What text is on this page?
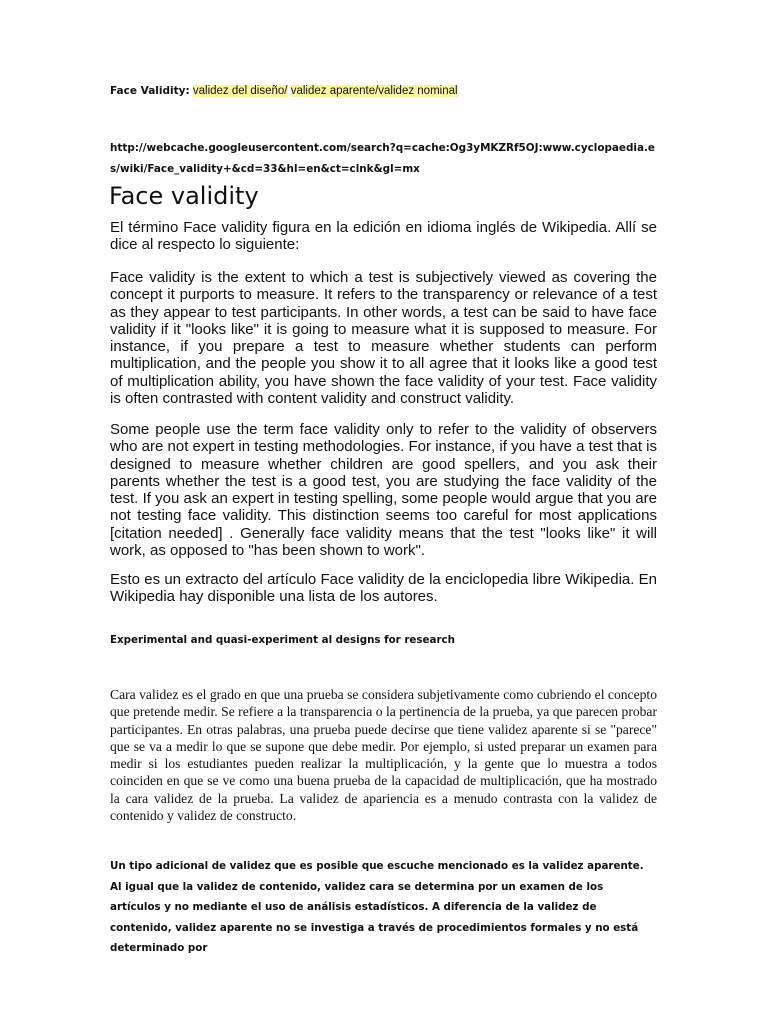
Face Validity: validez del diseño/ validez aparente/validez nominal
http://webcache.googleusercontent.com/search?q=cache:Og3yMKZRf5OJ:www.cyclopaedia.es/wiki/Face_validity+&cd=33&hl=en&ct=clnk&gl=mx
Face validity

El término Face validity figura en la edición en idioma inglés de Wikipedia. Allí se dice al respecto lo siguiente:

Face validity is the extent to which a test is subjectively viewed as covering the concept it purports to measure. It refers to the transparency or relevance of a test as they appear to test participants. In other words, a test can be said to have face validity if it "looks like" it is going to measure what it is supposed to measure. For instance, if you prepare a test to measure whether students can perform multiplication, and the people you show it to all agree that it looks like a good test of multiplication ability, you have shown the face validity of your test. Face validity is often contrasted with content validity and construct validity.

Some people use the term face validity only to refer to the validity of observers who are not expert in testing methodologies. For instance, if you have a test that is designed to measure whether children are good spellers, and you ask their parents whether the test is a good test, you are studying the face validity of the test. If you ask an expert in testing spelling, some people would argue that you are not testing face validity. This distinction seems too careful for most applications [citation needed] . Generally face validity means that the test "looks like" it will work, as opposed to "has been shown to work".

Esto es un extracto del artículo Face validity de la enciclopedia libre Wikipedia. En Wikipedia hay disponible una lista de los autores.

Experimental and quasi-experiment al designs for research

Cara validez es el grado en que una prueba se considera subjetivamente como cubriendo el concepto que pretende medir. Se refiere a la transparencia o la pertinencia de la prueba, ya que parecen probar participantes. En otras palabras, una prueba puede decirse que tiene validez aparente si se "parece" que se va a medir lo que se supone que debe medir. Por ejemplo, si usted preparar un examen para medir si los estudiantes pueden realizar la multiplicación, y la gente que lo muestra a todos coinciden en que se ve como una buena prueba de la capacidad de multiplicación, que ha mostrado la cara validez de la prueba. La validez de apariencia es a menudo contrasta con la validez de contenido y validez de constructo.

Un tipo adicional de validez que es posible que escuche mencionado es la validez aparente. Al igual que la validez de contenido, validez cara se determina por un examen de los artículos y no mediante el uso de análisis estadísticos. A diferencia de la validez de contenido, validez aparente no se investiga a través de procedimientos formales y no está determinado por
